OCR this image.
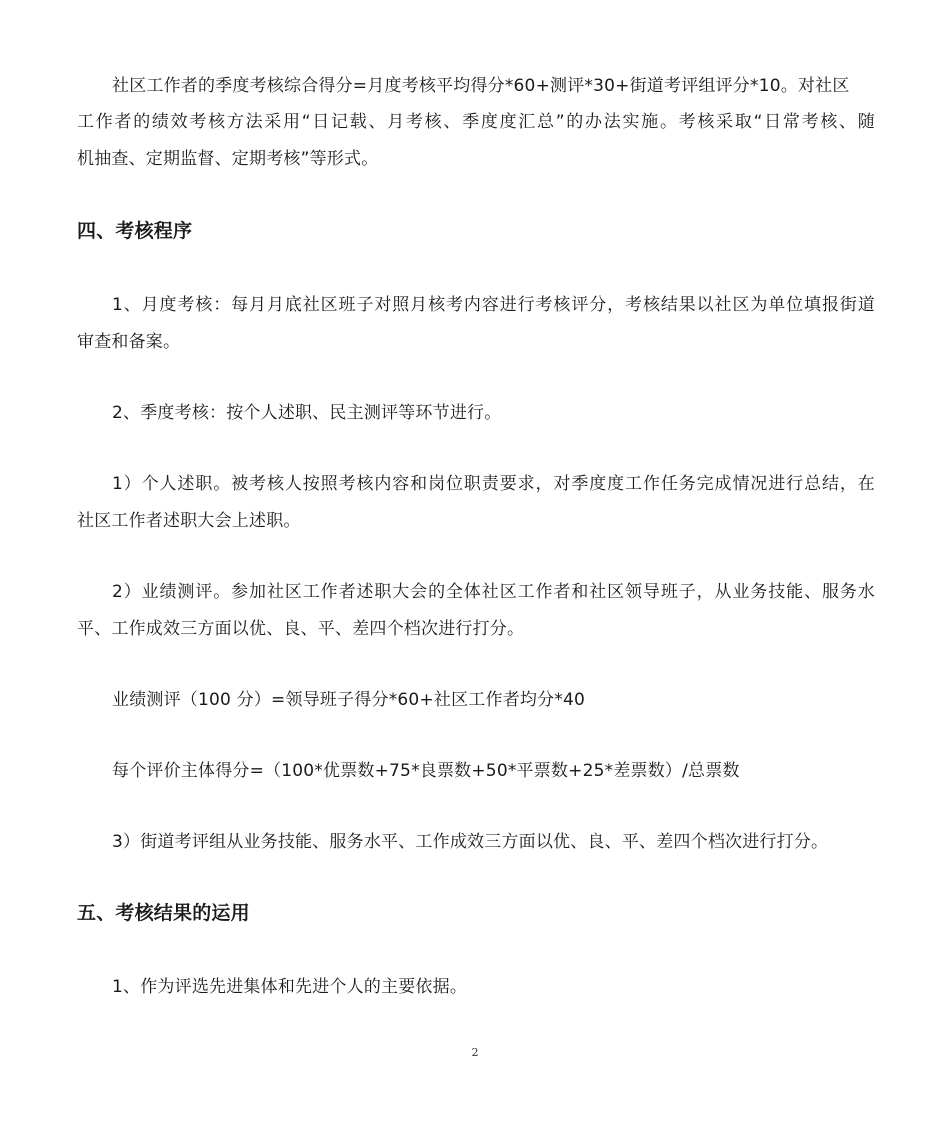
社区工作者的季度考核综合得分=月度考核平均得分*60+测评*30+街道考评组评分*10。对社区
工作者的绩效考核方法采用“日记载、月考核、季度度汇总”的办法实施。考核采取“日常考核、随
机抽查、定期监督、定期考核”等形式。
四、考核程序
1、月度考核：每月月底社区班子对照月核考内容进行考核评分，考核结果以社区为单位填报街道
审查和备案。
2、季度考核：按个人述职、民主测评等环节进行。
1）个人述职。被考核人按照考核内容和岗位职责要求，对季度度工作任务完成情况进行总结，在
社区工作者述职大会上述职。
2）业绩测评。参加社区工作者述职大会的全体社区工作者和社区领导班子，从业务技能、服务水
平、工作成效三方面以优、良、平、差四个档次进行打分。
业绩测评（100 分）=领导班子得分*60+社区工作者均分*40
每个评价主体得分=（100*优票数+75*良票数+50*平票数+25*差票数）/总票数
3）街道考评组从业务技能、服务水平、工作成效三方面以优、良、平、差四个档次进行打分。
五、考核结果的运用
1、作为评选先进集体和先进个人的主要依据。
2
